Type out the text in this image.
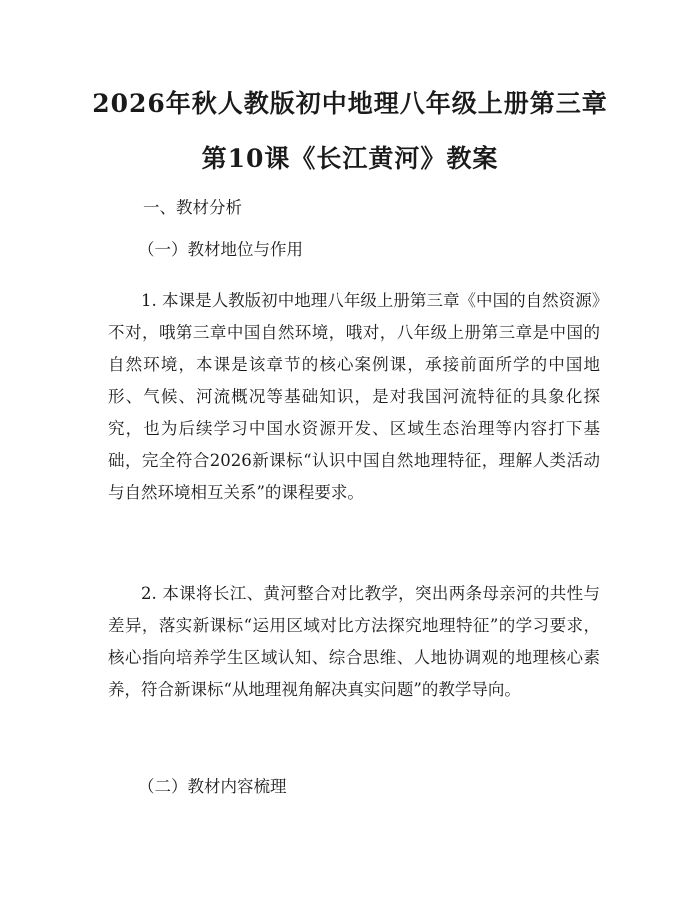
2026年秋人教版初中地理八年级上册第三章
第10课《长江黄河》教案
一、教材分析
（一）教材地位与作用

1. 本课是人教版初中地理八年级上册第三章《中国的自然资源》不对，哦第三章中国自然环境，哦对，八年级上册第三章是中国的自然环境，本课是该章节的核心案例课，承接前面所学的中国地形、气候、河流概况等基础知识，是对我国河流特征的具象化探究，也为后续学习中国水资源开发、区域生态治理等内容打下基础，完全符合2026新课标“认识中国自然地理特征，理解人类活动与自然环境相互关系”的课程要求。

2. 本课将长江、黄河整合对比教学，突出两条母亲河的共性与差异，落实新课标“运用区域对比方法探究地理特征”的学习要求，核心指向培养学生区域认知、综合思维、人地协调观的地理核心素养，符合新课标“从地理视角解决真实问题”的教学导向。

（二）教材内容梳理
